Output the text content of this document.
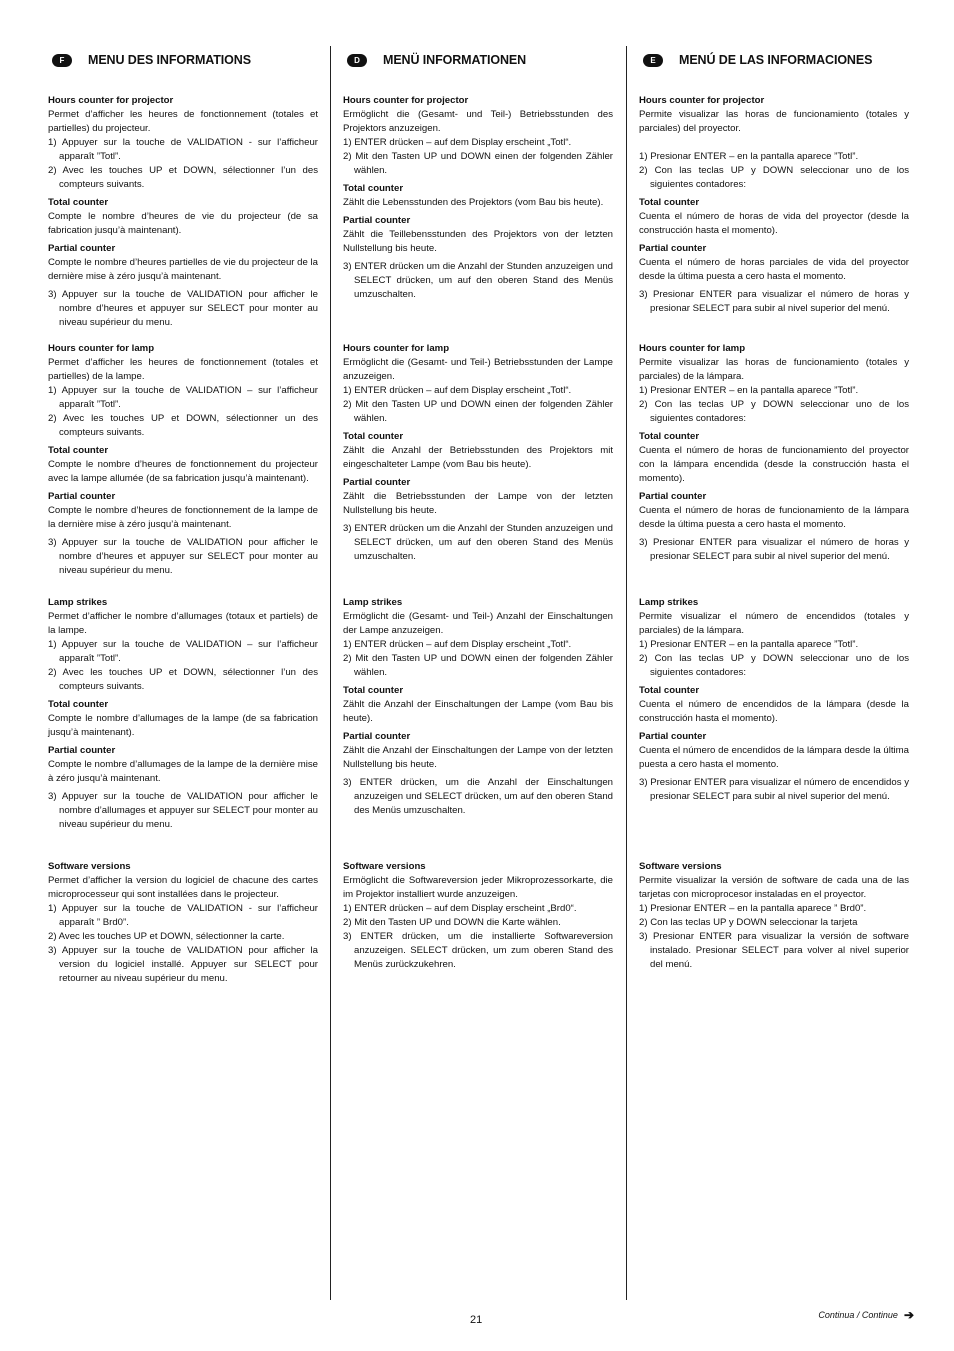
F	MENU DES INFORMATIONS
Hours counter for projector

Permet d’afficher les heures de fonctionnement (totales et partielles) du projecteur.

1) Appuyer sur la touche de VALIDATION - sur l’afficheur apparaît ”Totl”.

2) Avec les touches UP et DOWN, sélectionner l’un des compteurs suivants.

Total counter

Compte le nombre d’heures de vie du projecteur (de sa fabrication jusqu’à maintenant).

Partial counter

Compte le nombre d’heures partielles de vie du projecteur de la dernière mise à zéro jusqu’à maintenant.

3) Appuyer sur la touche de VALIDATION pour afficher le nombre d’heures et appuyer sur SELECT pour monter au niveau supérieur du menu.

Hours counter for lamp

Permet d’afficher les heures de fonctionnement (totales et partielles) de la lampe.

1) Appuyer sur la touche de VALIDATION – sur l’afficheur apparaît ”Totl”.

2) Avec les touches UP et DOWN, sélectionner un des compteurs suivants.

Total counter

Compte le nombre d’heures de fonctionnement du projecteur avec la lampe allumée (de sa fabrication jusqu’à maintenant).

Partial counter

Compte le nombre d’heures de fonctionnement de la lampe de la dernière mise à zéro jusqu’à maintenant.

3) Appuyer sur la touche de VALIDATION pour afficher le nombre d’heures et appuyer sur SELECT pour monter au niveau supérieur du menu.

Lamp strikes

Permet d’afficher le nombre d’allumages (totaux et partiels) de la lampe.

1) Appuyer sur la touche de VALIDATION – sur l’afficheur apparaît ”Totl”.

2) Avec les touches UP et DOWN, sélectionner l’un des compteurs suivants.

Total counter

Compte le nombre d’allumages de la lampe (de sa fabrication jusqu’à maintenant).

Partial counter

Compte le nombre d’allumages de la lampe de la dernière mise à zéro jusqu’à maintenant.

3) Appuyer sur la touche de VALIDATION pour afficher le nombre d’allumages et appuyer sur SELECT pour monter au niveau supérieur du menu.

Software versions

Permet d’afficher la version du logiciel de chacune des cartes microprocesseur qui sont installées dans le projecteur.

1) Appuyer sur la touche de VALIDATION - sur l’afficheur apparaît ” Brd0”.

2) Avec les touches UP et DOWN, sélectionner la carte.

3) Appuyer sur la touche de VALIDATION pour afficher la version du logiciel installé. Appuyer sur SELECT pour retourner au niveau supérieur du menu.

D	MENÜ INFORMATIONEN
Hours counter for projector

Ermöglicht die (Gesamt- und Teil-) Betriebsstunden des Projektors anzuzeigen.

1) ENTER drücken – auf dem Display erscheint „Totl“.

2) Mit den Tasten UP und DOWN einen der folgenden Zähler wählen.

Total counter

Zählt die Lebensstunden des Projektors (vom Bau bis heute).

Partial counter

Zählt die Teillebensstunden des Projektors von der letzten Nullstellung bis heute.

3) ENTER drücken um die Anzahl der Stunden anzuzeigen und SELECT drücken, um auf den oberen Stand des Menüs umzuschalten.

Hours counter for lamp

Ermöglicht die (Gesamt- und Teil-) Betriebsstunden der Lampe anzuzeigen.

1) ENTER drücken – auf dem Display erscheint „Totl“.

2) Mit den Tasten UP und DOWN einen der folgenden Zähler wählen.

Total counter

Zählt die Anzahl der Betriebsstunden des Projektors mit eingeschalteter Lampe (vom Bau bis heute).

Partial counter

Zählt die Betriebsstunden der Lampe von der letzten Nullstellung bis heute.

3) ENTER drücken um die Anzahl der Stunden anzuzeigen und SELECT drücken, um auf den oberen Stand des Menüs umzuschalten.

Lamp strikes

Ermöglicht die (Gesamt- und Teil-) Anzahl der Einschaltungen der Lampe anzuzeigen.

1) ENTER drücken – auf dem Display erscheint „Totl“.

2) Mit den Tasten UP und DOWN einen der folgenden Zähler wählen.

Total counter

Zählt die Anzahl der Einschaltungen der Lampe (vom Bau bis heute).

Partial counter

Zählt die Anzahl der Einschaltungen der Lampe von der letzten Nullstellung bis heute.

3) ENTER drücken, um die Anzahl der Einschaltungen anzuzeigen und SELECT drücken, um auf den oberen Stand des Menüs umzuschalten.

Software versions

Ermöglicht die Softwareversion jeder Mikroprozessorkarte, die im Projektor installiert wurde anzuzeigen.

1) ENTER drücken – auf dem Display erscheint „Brd0“.

2) Mit den Tasten UP und DOWN die Karte wählen.

3) ENTER drücken, um die installierte Softwareversion anzuzeigen. SELECT drücken, um zum oberen Stand des Menüs zurückzukehren.

E	MENÚ DE LAS INFORMACIONES
Hours counter for projector

Permite visualizar las horas de funcionamiento (totales y parciales) del proyector.

1) Presionar ENTER – en la pantalla aparece ”Totl”.

2) Con las teclas UP y DOWN seleccionar uno de los siguientes contadores:

Total counter

Cuenta el número de horas de vida del proyector (desde la construcción hasta el momento).

Partial counter

Cuenta el número de horas parciales de vida del proyector desde la última puesta a cero hasta el momento.

3) Presionar ENTER para visualizar el número de horas y presionar SELECT para subir al nivel superior del menú.

Hours counter for lamp

Permite visualizar las horas de funcionamiento (totales y parciales) de la lámpara.

1) Presionar ENTER – en la pantalla aparece ”Totl”.

2) Con las teclas UP y DOWN seleccionar uno de los siguientes contadores:

Total counter

Cuenta el número de horas de funcionamiento del proyector con la lámpara encendida (desde la construcción hasta el momento).

Partial counter

Cuenta el número de horas de funcionamiento de la lámpara desde la última puesta a cero hasta el momento.

3) Presionar ENTER para visualizar el número de horas y presionar SELECT para subir al nivel superior del menú.

Lamp strikes

Permite visualizar el número de encendidos (totales y parciales) de la lámpara.

1) Presionar ENTER – en la pantalla aparece ”Totl”.

2) Con las teclas UP y DOWN seleccionar uno de los siguientes contadores:

Total counter

Cuenta el número de encendidos de la lámpara (desde la construcción hasta el momento).

Partial counter

Cuenta el número de encendidos de la lámpara desde la última puesta a cero hasta el momento.

3) Presionar ENTER para visualizar el número de encendidos y presionar SELECT para subir al nivel superior del menú.

Software versions

Permite visualizar la versión de software de cada una de las tarjetas con microprocesor instaladas en el proyector.

1) Presionar ENTER – en la pantalla aparece ” Brd0”.

2) Con las teclas UP y DOWN seleccionar la tarjeta

3) Presionar ENTER para visualizar la versión de software instalado. Presionar SELECT para volver al nivel superior del menú.

21	Continua / Continue ➔
